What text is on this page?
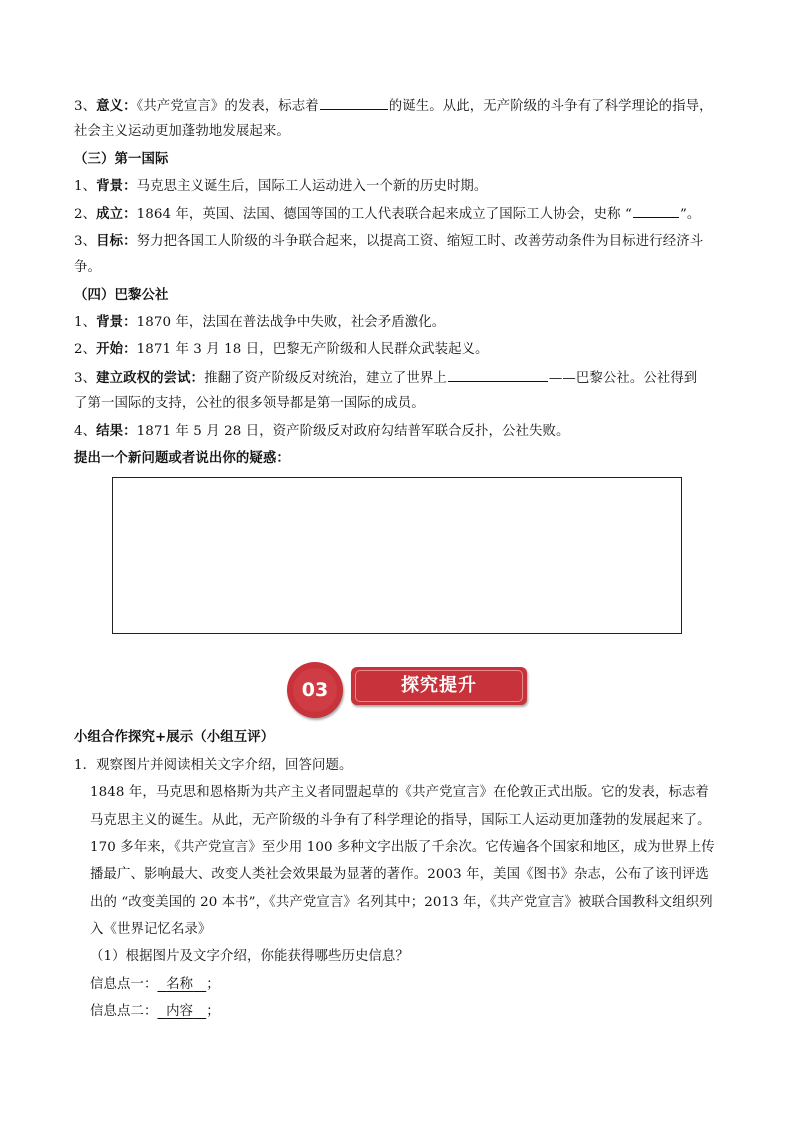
3、意义：《共产党宣言》的发表，标志着	的诞生。从此，无产阶级的斗争有了科学理论的指导，
社会主义运动更加蓬勃地发展起来。
（三）第一国际
1、背景：马克思主义诞生后，国际工人运动进入一个新的历史时期。
2、成立：1864 年，英国、法国、德国等国的工人代表联合起来成立了国际工人协会，史称 “	”。
3、目标：努力把各国工人阶级的斗争联合起来，以提高工资、缩短工时、改善劳动条件为目标进行经济斗
争。
（四）巴黎公社
1、背景：1870 年，法国在普法战争中失败，社会矛盾激化。
2、开始：1871 年 3 月 18 日，巴黎无产阶级和人民群众武装起义。
3、建立政权的尝试：推翻了资产阶级反对统治，建立了世界上	——巴黎公社。公社得到
了第一国际的支持，公社的很多领导都是第一国际的成员。
4、结果：1871 年 5 月 28 日，资产阶级反对政府勾结普军联合反扑，公社失败。
提出一个新问题或者说出你的疑惑：
03	探究提升
小组合作探究+展示（小组互评）
1．观察图片并阅读相关文字介绍，回答问题。
1848 年，马克思和恩格斯为共产主义者同盟起草的《共产党宣言》在伦敦正式出版。它的发表，标志着
马克思主义的诞生。从此，无产阶级的斗争有了科学理论的指导，国际工人运动更加蓬勃的发展起来了。
170 多年来，《共产党宣言》至少用 100 多种文字出版了千余次。它传遍各个国家和地区，成为世界上传
播最广、影响最大、改变人类社会效果最为显著的著作。2003 年，美国《图书》杂志，公布了该刊评选
出的 “改变美国的 20 本书”，《共产党宣言》名列其中；2013 年，《共产党宣言》被联合国教科文组织列
入《世界记忆名录》
（1）根据图片及文字介绍，你能获得哪些历史信息？
信息点一： 名称 ；
信息点二： 内容 ；
